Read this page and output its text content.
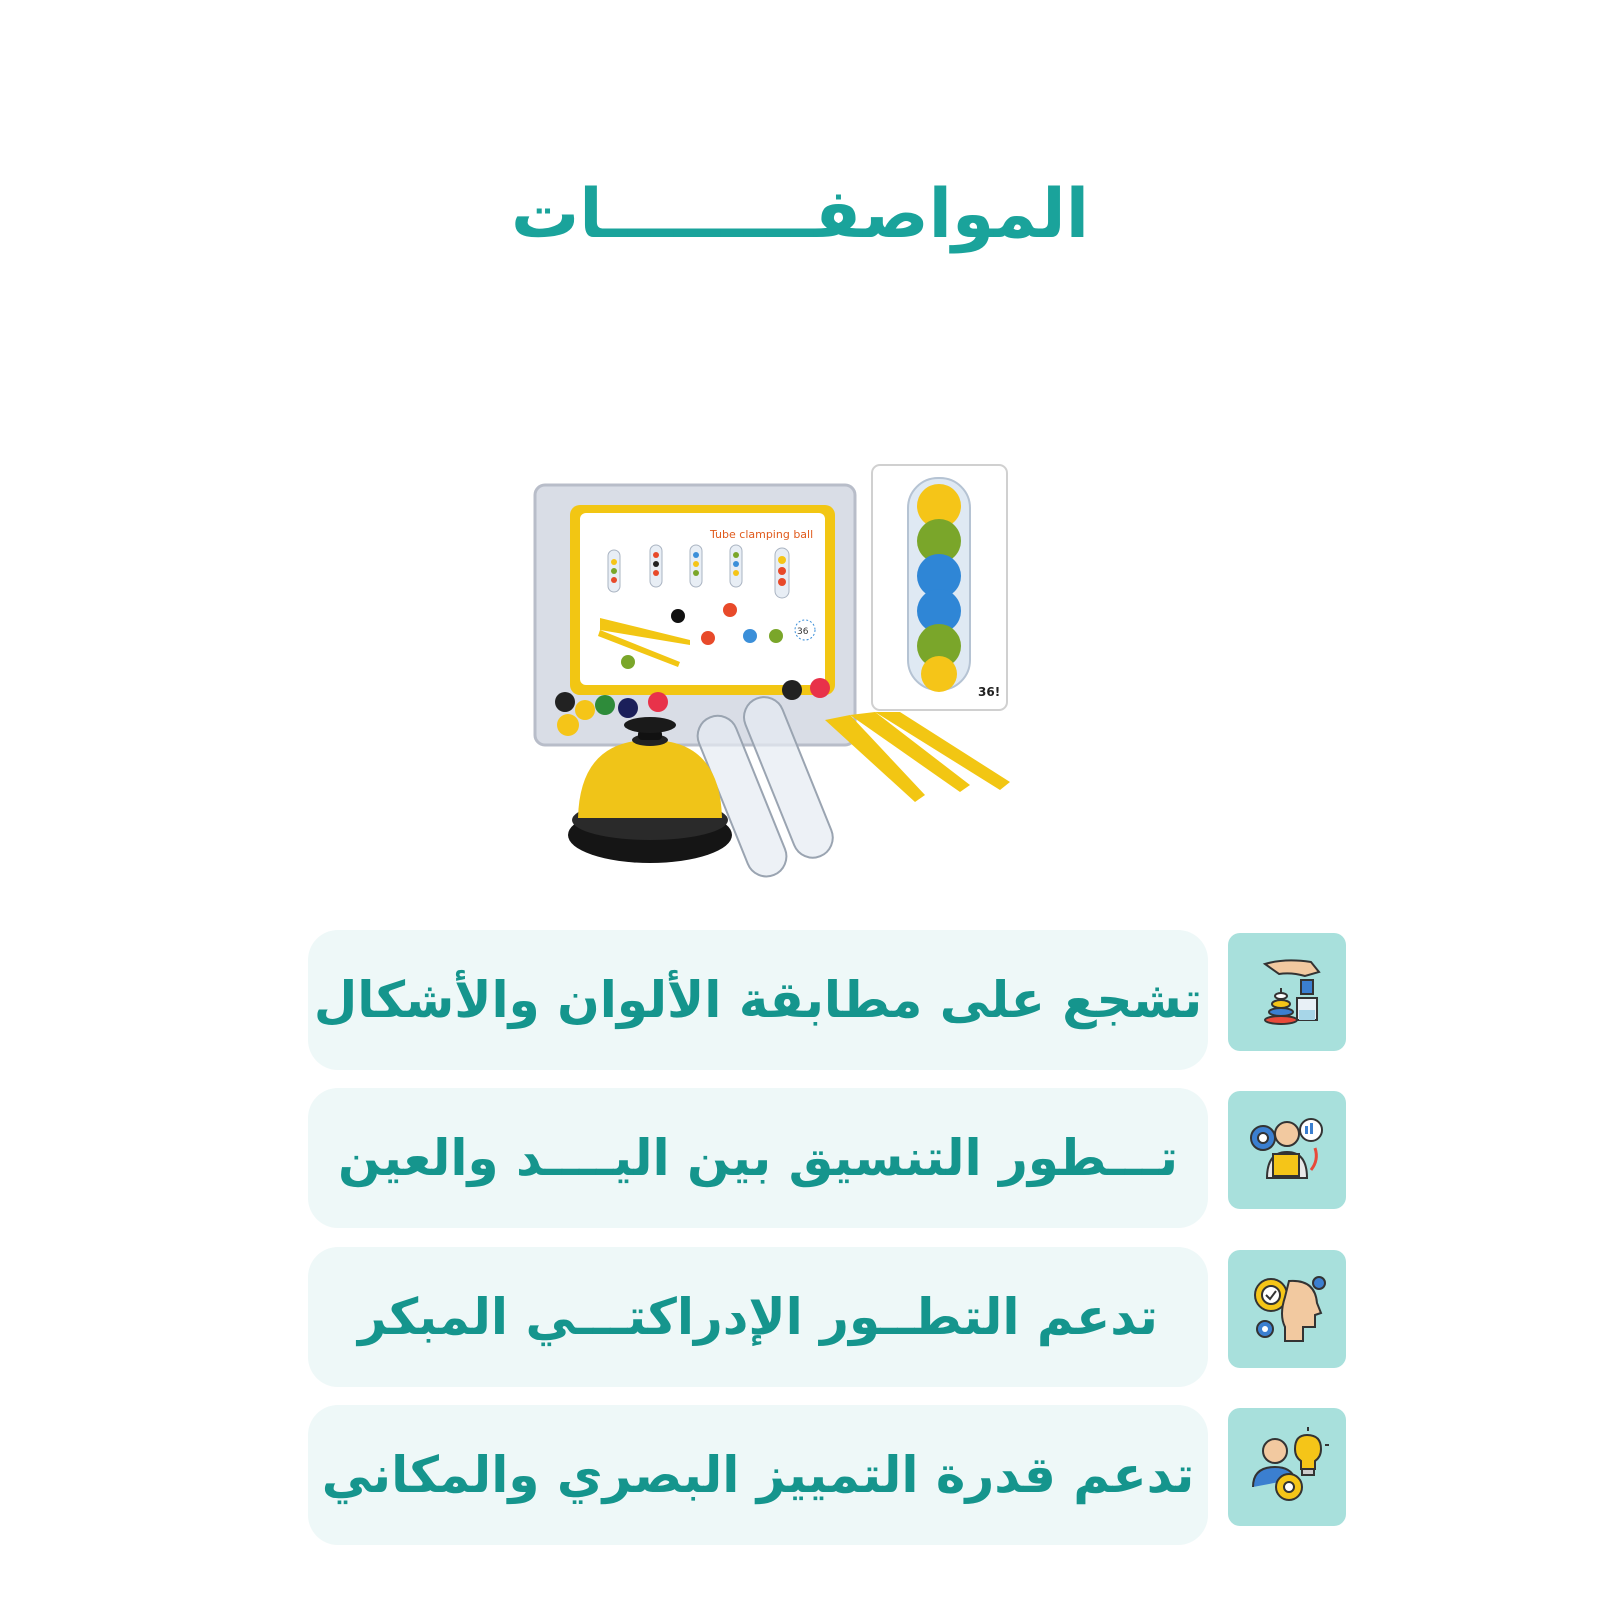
المواصفـــــــــات
Tube clamping ball
36
36!
تشجع على مطابقة الألوان والأشكال
تـــطور التنسيق بين اليــــد والعين
تدعم التطــور الإدراكتـــي المبكر
تدعم قدرة التمييز البصري والمكاني
